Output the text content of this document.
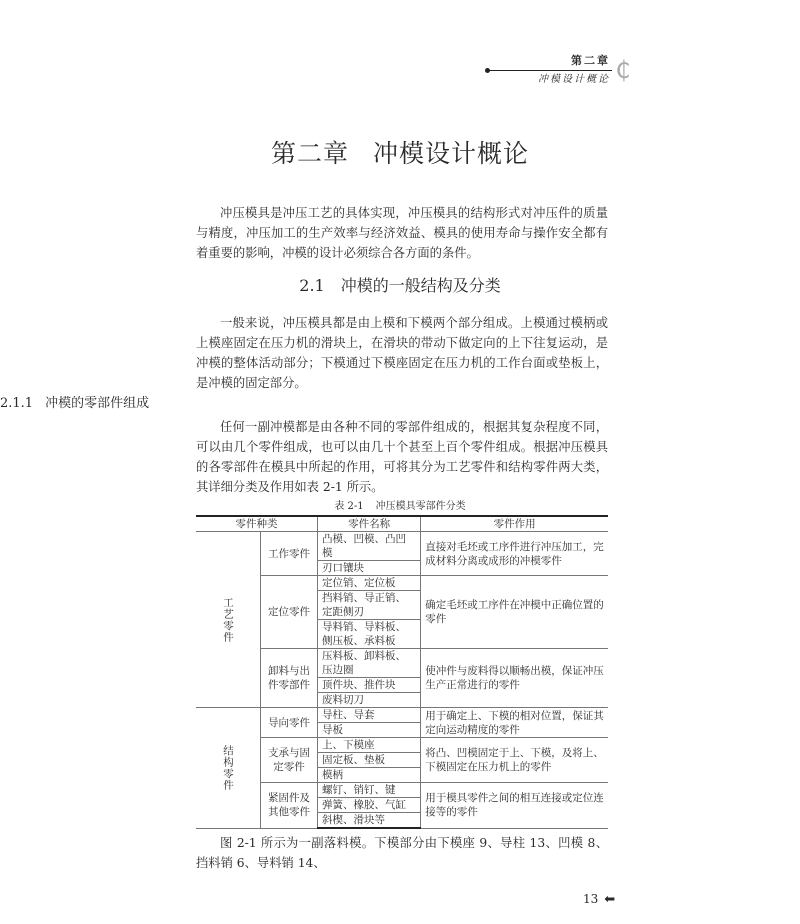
第二章
冲模设计概论 ₵
第二章 冲模设计概论

冲压模具是冲压工艺的具体实现，冲压模具的结构形式对冲压件的质量与精度，冲压加工的生产效率与经济效益、模具的使用寿命与操作安全都有着重要的影响，冲模的设计必须综合各方面的条件。

2.1 冲模的一般结构及分类

一般来说，冲压模具都是由上模和下模两个部分组成。上模通过模柄或上模座固定在压力机的滑块上，在滑块的带动下做定向的上下往复运动，是冲模的整体活动部分；下模通过下模座固定在压力机的工作台面或垫板上，是冲模的固定部分。

2.1.1 冲模的零部件组成

任何一副冲模都是由各种不同的零部件组成的，根据其复杂程度不同，可以由几个零件组成，也可以由几十个甚至上百个零件组成。根据冲压模具的各零部件在模具中所起的作用，可将其分为工艺零件和结构零件两大类，其详细分类及作用如表 2-1 所示。

表 2-1 冲压模具零部件分类
零件种类		零件名称	零件作用
工艺零件	工作零件	凸模、凹模、凸凹模	直接对毛坯或工序件进行冲压加工，完成材料分离或成形的冲模零件
		刃口镶块	
	定位零件	定位销、定位板	确定毛坯或工序件在冲模中正确位置的零件
		挡料销、导正销、定距侧刃	
		导料销、导料板、侧压板、承料板	
	卸料与出件零部件	压料板、卸料板、压边圈	使冲件与废料得以顺畅出模，保证冲压生产正常进行的零件
		顶件块、推件块	
		废料切刀	
结构零件	导向零件	导柱、导套	用于确定上、下模的相对位置，保证其定向运动精度的零件
		导板	
	支承与固定零件	上、下模座	将凸、凹模固定于上、下模，及将上、下模固定在压力机上的零件
		固定板、垫板	
		模柄	
	紧固件及其他零件	螺钉、销钉、键	用于模具零件之间的相互连接或定位连接等的零件
		弹簧、橡胶、气缸	
		斜楔、滑块等	

图 2-1 所示为一副落料模。下模部分由下模座 9、导柱 13、凹模 8、挡料销 6、导料销 14、

13 ⬅
